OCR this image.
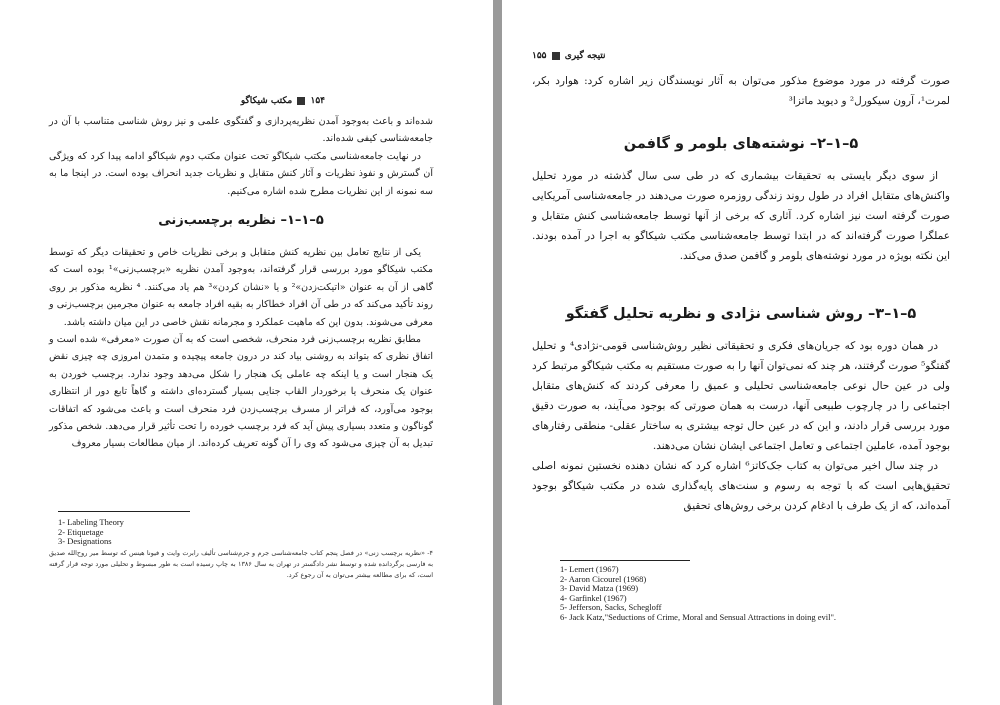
۱۵۴  مکتب شیکاگو

شده‌اند و باعث به‌وجود آمدن نظریه‌پردازی و گفتگوی علمی و نیز روش شناسی متناسب با آن در جامعه‌شناسی کیفی شده‌اند.

در نهایت جامعه‌شناسی مکتب شیکاگو تحت عنوان مکتب دوم شیکاگو ادامه پیدا کرد که ویژگی آن گسترش و نفوذ نظریات و آثار کنش متقابل و نظریات جدید انحراف بوده است. در اینجا ما به سه نمونه از این نظریات مطرح شده اشاره می‌کنیم.

۵–۱–۱– نظریه برچسب‌زنی

یکی از نتایج تعامل بین نظریه کنش متقابل و برخی نظریات خاص و تحقیقات دیگر که توسط مکتب شیکاگو مورد بررسی قرار گرفته‌اند، به‌وجود آمدن نظریه «برچسب‌زنی»¹ بوده است که گاهی از آن به عنوان «اتیکت‌زدن»² و یا «نشان کردن»³ هم یاد می‌کنند. ⁴ نظریه مذکور بر روی روند تأکید می‌کند که در طی آن افراد خطاکار به بقیه افراد جامعه به عنوان مجرمین برچسب‌زنی و معرفی می‌شوند. بدون این که ماهیت عملکرد و مجرمانه نقش خاصی در این میان داشته باشد.

مطابق نظریه برچسب‌زنی فرد منحرف، شخصی است که به آن صورت «معرفی» شده است و اتفاق نظری که بتواند به روشنی بیاد کند در درون جامعه پیچیده و متمدن امروزی چه چیزی نقض یک هنجار است و یا اینکه چه عاملی یک هنجار را شکل می‌دهد وجود ندارد. برچسب خوردن به عنوان یک منحرف یا برخوردار القاب جنایی بسیار گسترده‌ای داشته و گاهاً تابع دور از انتظاری بوجود می‌آورد، که فراتر از مسرف برچسب‌زدن فرد منحرف است و باعث می‌شود که اتفاقات گوناگون و متعدد بسیاری پیش آید که فرد برچسب خورده را تحت تأثیر قرار می‌دهد. شخص مذکور تبدیل به آن چیزی می‌شود که وی را آن گونه تعریف کرده‌اند. از میان مطالعات بسیار معروف

1- Labeling Theory
2- Etiquetage
3- Designations
۴- «نظریه برچسب زنی» در فصل پنجم کتاب جامعه‌شناسی جرم و جرم‌شناسی تألیف رابرت وایت و فیونا هینس که توسط میر روح‌الله صدیق به فارسی برگردانده شده و توسط نشر دادگستر در تهران به سال ۱۳۸۶ به چاپ رسیده است به طور مبسوط و تحلیلی مورد توجه قرار گرفته است، که برای مطالعه بیشتر می‌توان به آن رجوع کرد.
نتیجه گیری  ۱۵۵

صورت گرفته در مورد موضوع مذکور می‌توان به آثار نویسندگان زیر اشاره کرد: هوارد بکر، لمرت¹، آرون سیکورل² و دیوید ماتزا³

۵–۱–۲– نوشته‌های بلومر و گافمن

از سوی دیگر بایستی به تحقیقات بیشماری که در طی سی سال گذشته در مورد تحلیل واکنش‌های متقابل افراد در طول روند زندگی روزمره صورت می‌دهند در جامعه‌شناسی آمریکایی صورت گرفته است نیز اشاره کرد. آثاری که برخی از آنها توسط جامعه‌شناسی کنش متقابل و عملگرا صورت گرفته‌اند که در ابتدا توسط جامعه‌شناسی مکتب شیکاگو به اجرا در آمده بودند. این نکته بویژه در مورد نوشته‌های بلومر و گافمن صدق می‌کند.

۵–۱–۳– روش شناسی نژادی و نظریه تحلیل گفتگو

در همان دوره بود که جریان‌های فکری و تحقیقاتی نظیر روش‌شناسی قومی-نژادی⁴ و تحلیل گفتگو⁵ صورت گرفتند، هر چند که نمی‌توان آنها را به صورت مستقیم به مکتب شیکاگو مرتبط کرد ولی در عین حال نوعی جامعه‌شناسی تحلیلی و عمیق را معرفی کردند که کنش‌های متقابل اجتماعی را در چارچوب طبیعی آنها، درست به همان صورتی که بوجود می‌آیند، به صورت دقیق مورد بررسی قرار دادند، و این که در عین حال توجه بیشتری به ساختار عقلی- منطقی رفتارهای بوجود آمده، عاملین اجتماعی و تعامل اجتماعی ایشان نشان می‌دهند.

در چند سال اخیر می‌توان به کتاب جک‌کاتز⁶ اشاره کرد که نشان دهنده نخستین نمونه اصلی تحقیق‌هایی است که با توجه به رسوم و سنت‌های پایه‌گذاری شده در مکتب شیکاگو بوجود آمده‌اند، که از یک طرف با ادغام کردن برخی روش‌های تحقیق

1- Lemert (1967)
2- Aaron Cicourel (1968)
3- David Matza (1969)
4- Garfinkel (1967)
5- Jefferson, Sacks, Schegloff
6- Jack Katz,"Seductions of Crime, Moral and Sensual Attractions in doing evil".
